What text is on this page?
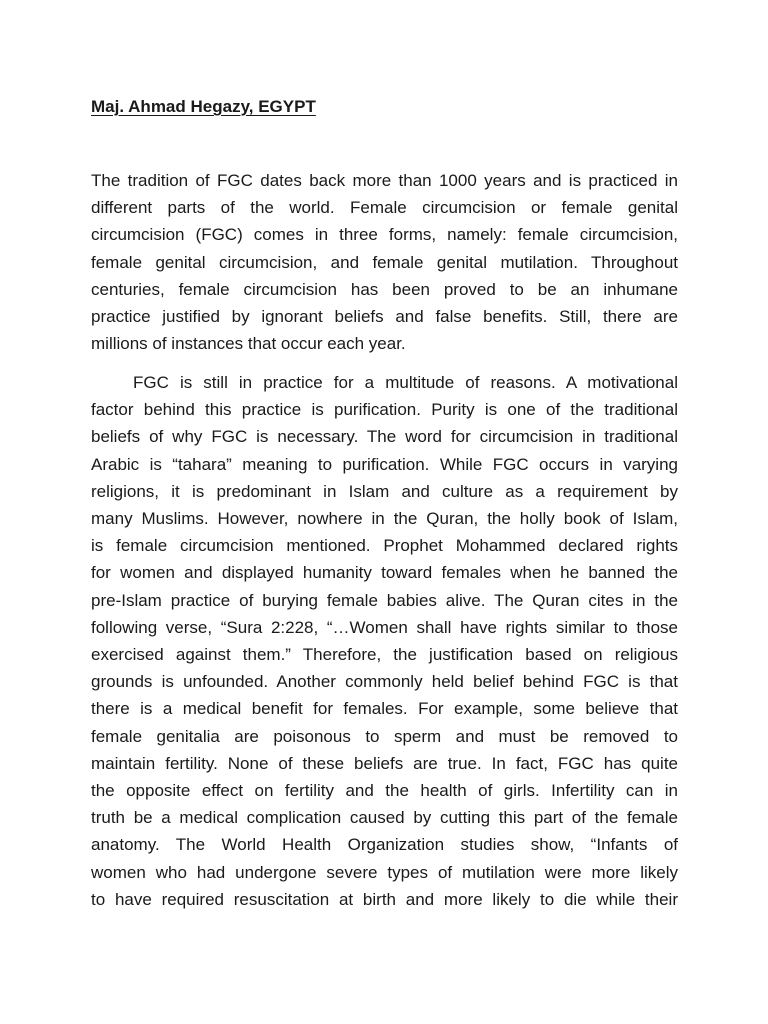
Maj. Ahmad Hegazy, EGYPT

The tradition of FGC dates back more than 1000 years and is practiced in
different parts of the world. Female circumcision or female genital
circumcision (FGC) comes in three forms, namely: female circumcision,
female genital circumcision, and female genital mutilation. Throughout
centuries, female circumcision has been proved to be an inhumane
practice justified by ignorant beliefs and false benefits. Still, there are
millions of instances that occur each year.
FGC is still in practice for a multitude of reasons. A motivational
factor behind this practice is purification. Purity is one of the traditional
beliefs of why FGC is necessary. The word for circumcision in traditional
Arabic is “tahara” meaning to purification. While FGC occurs in varying
religions, it is predominant in Islam and culture as a requirement by
many Muslims. However, nowhere in the Quran, the holly book of Islam,
is female circumcision mentioned. Prophet Mohammed declared rights
for women and displayed humanity toward females when he banned the
pre-Islam practice of burying female babies alive. The Quran cites in the
following verse, “Sura 2:228, “…Women shall have rights similar to those
exercised against them.” Therefore, the justification based on religious
grounds is unfounded. Another commonly held belief behind FGC is that
there is a medical benefit for females. For example, some believe that
female genitalia are poisonous to sperm and must be removed to
maintain fertility. None of these beliefs are true. In fact, FGC has quite
the opposite effect on fertility and the health of girls. Infertility can in
truth be a medical complication caused by cutting this part of the female
anatomy. The World Health Organization studies show, “Infants of
women who had undergone severe types of mutilation were more likely
to have required resuscitation at birth and more likely to die while their
